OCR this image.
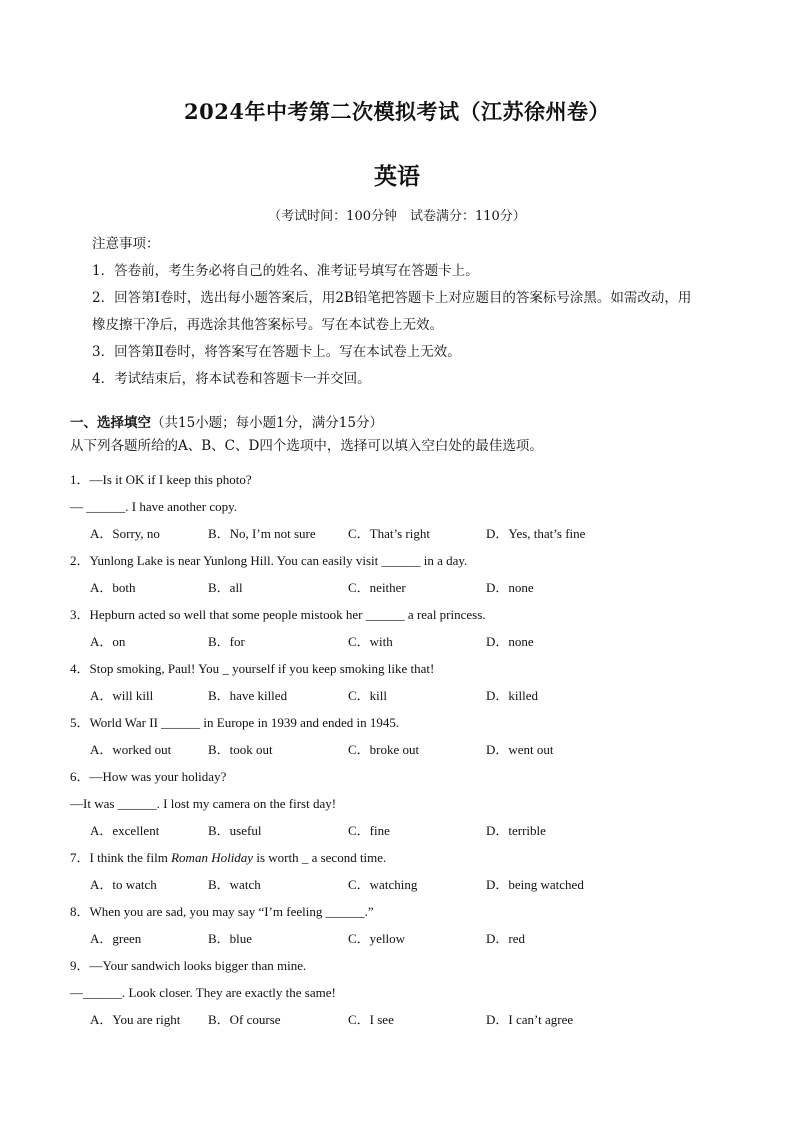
2024年中考第二次模拟考试（江苏徐州卷）
英语
（考试时间：100分钟　试卷满分：110分）
注意事项：
1．答卷前，考生务必将自己的姓名、准考证号填写在答题卡上。
2．回答第Ⅰ卷时，选出每小题答案后，用2B铅笔把答题卡上对应题目的答案标号涂黑。如需改动，用
橡皮擦干净后，再选涂其他答案标号。写在本试卷上无效。
3．回答第Ⅱ卷时，将答案写在答题卡上。写在本试卷上无效。
4．考试结束后，将本试卷和答题卡一并交回。
一、选择填空（共15小题；每小题1分，满分15分）
从下列各题所给的A、B、C、D四个选项中，选择可以填入空白处的最佳选项。
1．—Is it OK if I keep this photo?
— ______. I have another copy.
A．Sorry, no	B．No, I’m not sure C．That’s right	D．Yes, that’s fine
2．Yunlong Lake is near Yunlong Hill. You can easily visit ______ in a day.
A．both	B．all	C．neither	D．none
3．Hepburn acted so well that some people mistook her ______ a real princess.
A．on	B．for	C．with	D．none
4．Stop smoking, Paul! You _ yourself if you keep smoking like that!
A．will kill	B．have killed	C．kill	D．killed
5．World War II ______ in Europe in 1939 and ended in 1945.
A．worked out	B．took out	C．broke out	D．went out
6．—How was your holiday?
—It was ______. I lost my camera on the first day!
A．excellent	B．useful	C．fine	D．terrible
7．I think the film Roman Holiday is worth _ a second time.
A．to watch	B．watch	C．watching	D．being watched
8．When you are sad, you may say “I’m feeling ______.”
A．green	B．blue	C．yellow	D．red
9．—Your sandwich looks bigger than mine.
—______. Look closer. They are exactly the same!
A．You are right B．Of course	C．I see	D．I can’t agree
